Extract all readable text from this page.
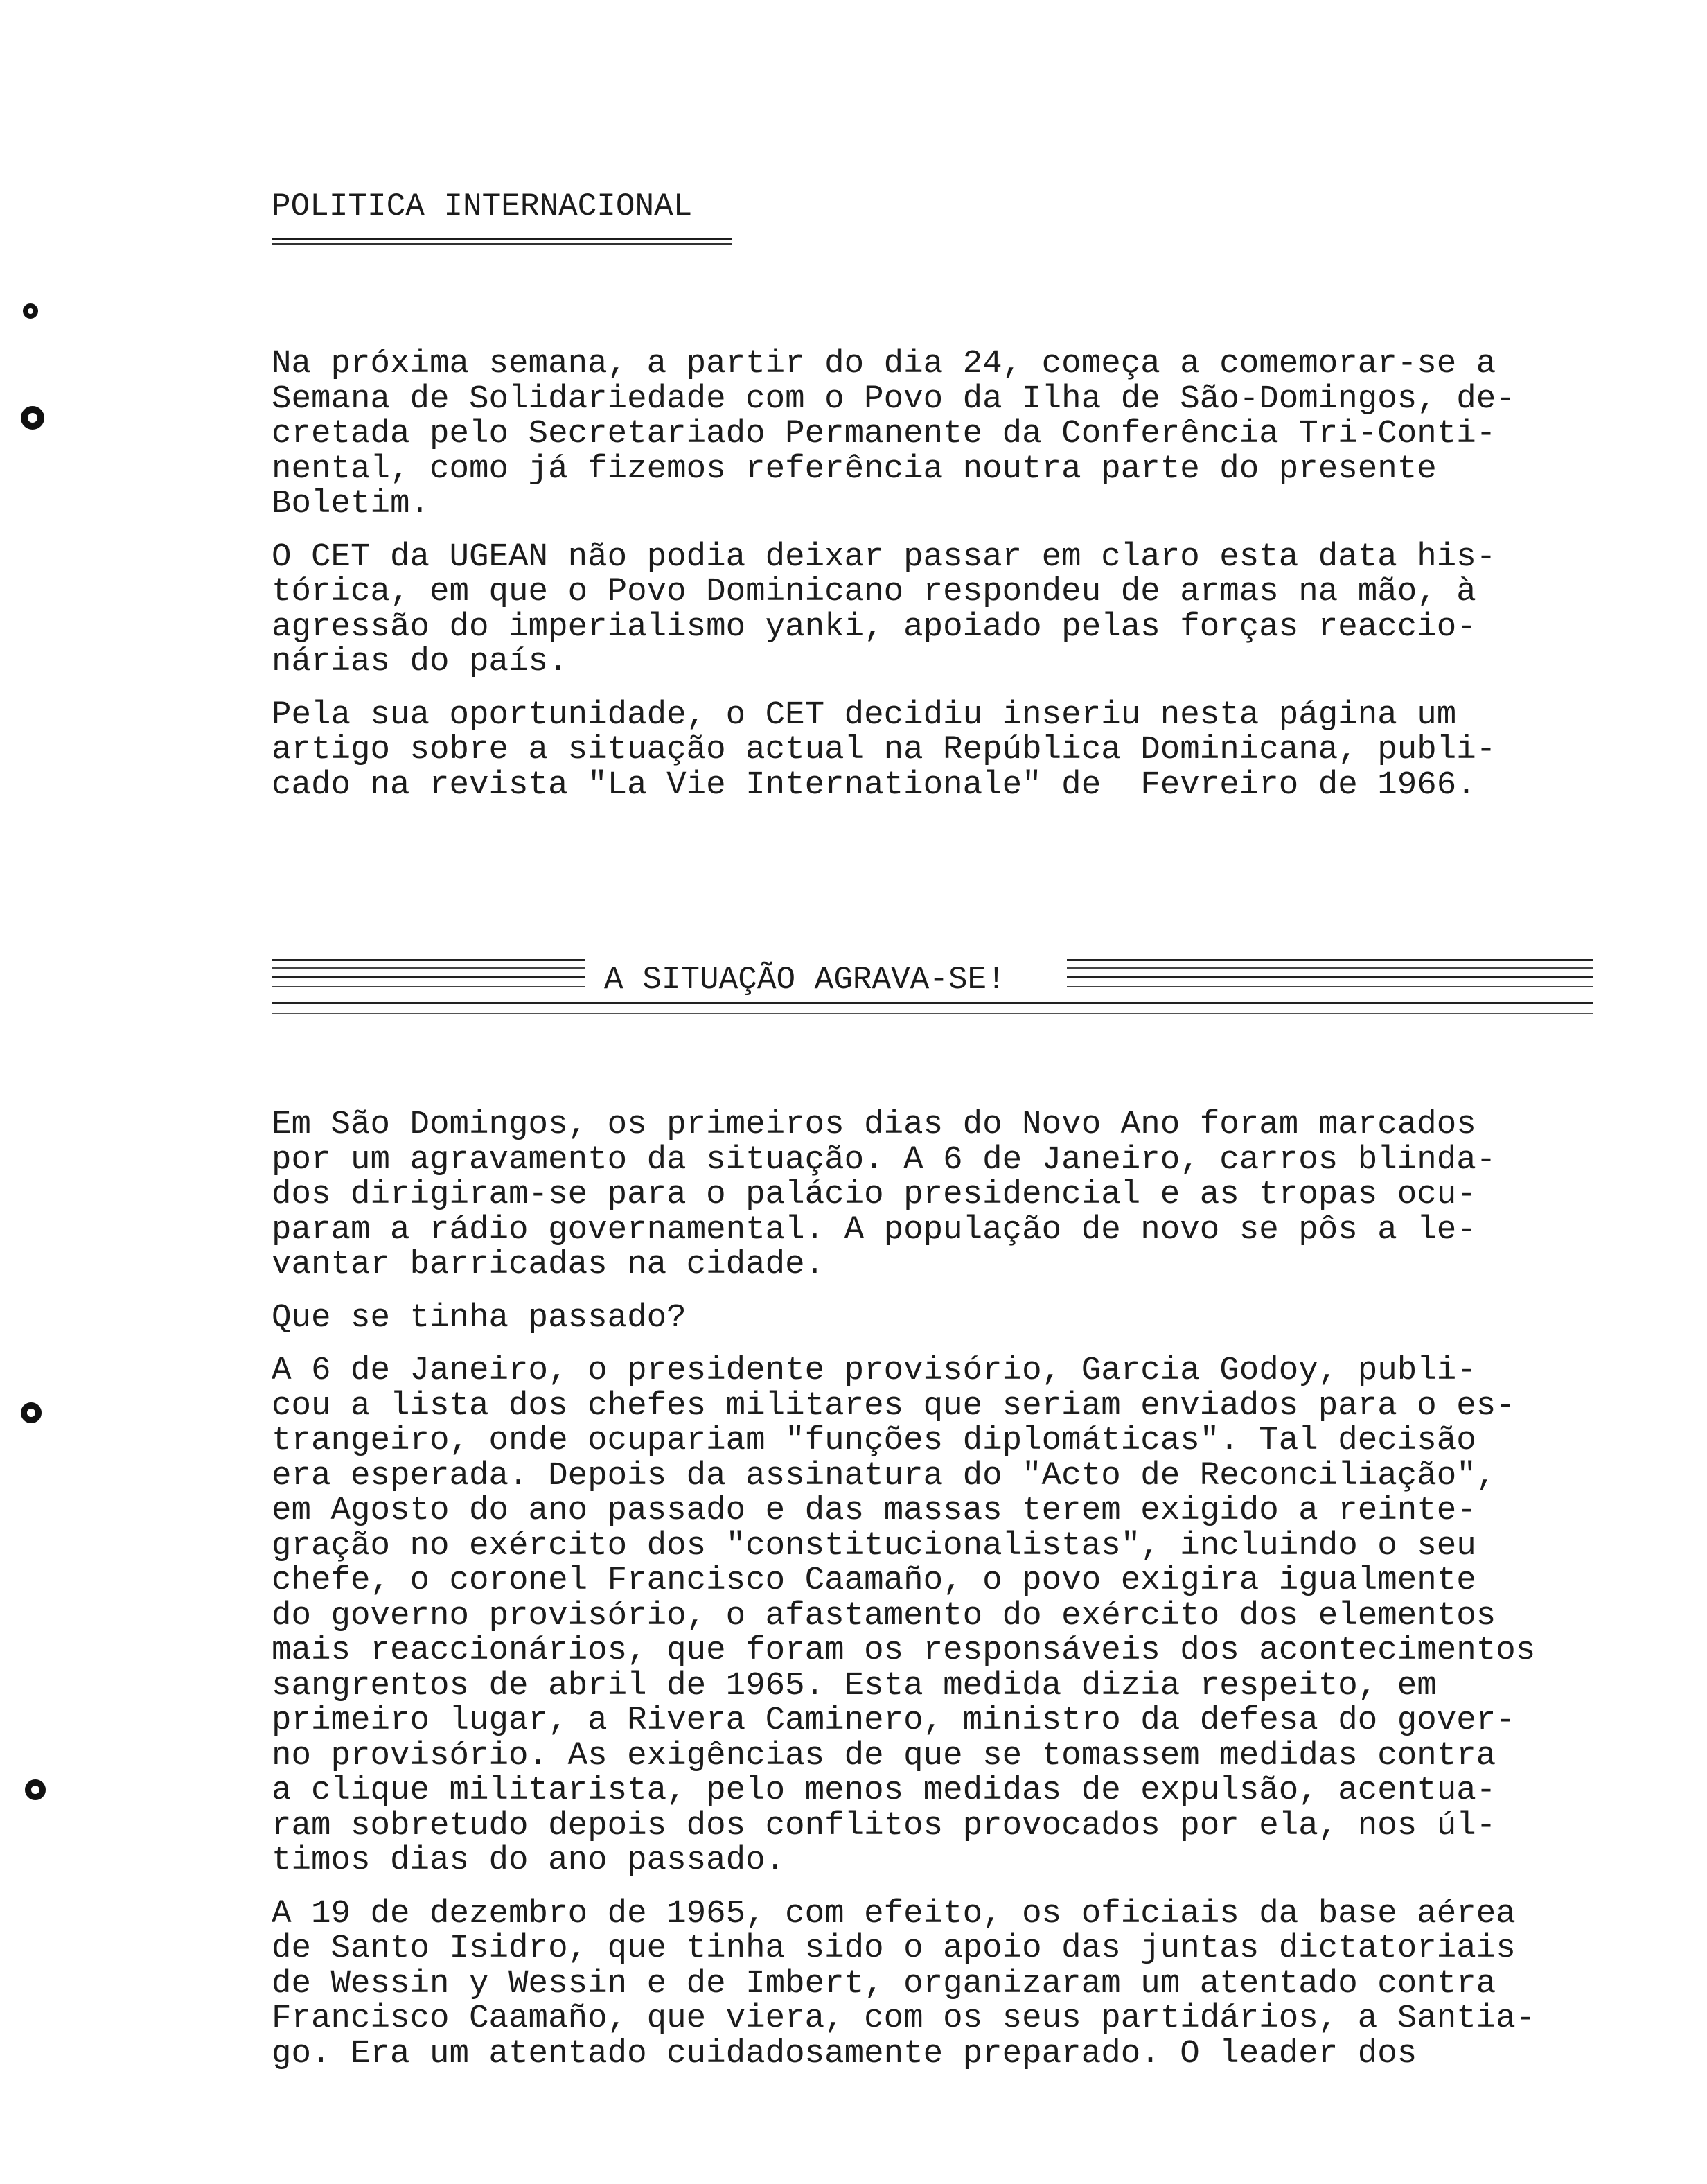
POLITICA INTERNACIONAL
Na próxima semana, a partir do dia 24, começa a comemorar-se a
Semana de Solidariedade com o Povo da Ilha de São-Domingos, de-
cretada pelo Secretariado Permanente da Conferência Tri-Conti-
nental, como já fizemos referência noutra parte do presente
Boletim.
O CET da UGEAN não podia deixar passar em claro esta data his-
tórica, em que o Povo Dominicano respondeu de armas na mão, à
agressão do imperialismo yanki, apoiado pelas forças reaccio-
nárias do país.
Pela sua oportunidade, o CET decidiu inseriu nesta página um
artigo sobre a situação actual na República Dominicana, publi-
cado na revista "La Vie Internationale" de  Fevreiro de 1966.
A SITUAÇÃO AGRAVA-SE!
Em São Domingos, os primeiros dias do Novo Ano foram marcados
por um agravamento da situação. A 6 de Janeiro, carros blinda-
dos dirigiram-se para o palácio presidencial e as tropas ocu-
param a rádio governamental. A população de novo se pôs a le-
vantar barricadas na cidade.
Que se tinha passado?
A 6 de Janeiro, o presidente provisório, Garcia Godoy, publi-
cou a lista dos chefes militares que seriam enviados para o es-
trangeiro, onde ocupariam "funções diplomáticas". Tal decisão
era esperada. Depois da assinatura do "Acto de Reconciliação",
em Agosto do ano passado e das massas terem exigido a reinte-
gração no exército dos "constitucionalistas", incluindo o seu
chefe, o coronel Francisco Caamaño, o povo exigira igualmente
do governo provisório, o afastamento do exército dos elementos
mais reaccionários, que foram os responsáveis dos acontecimentos
sangrentos de abril de 1965. Esta medida dizia respeito, em
primeiro lugar, a Rivera Caminero, ministro da defesa do gover-
no provisório. As exigências de que se tomassem medidas contra
a clique militarista, pelo menos medidas de expulsão, acentua-
ram sobretudo depois dos conflitos provocados por ela, nos úl-
timos dias do ano passado.
A 19 de dezembro de 1965, com efeito, os oficiais da base aérea
de Santo Isidro, que tinha sido o apoio das juntas dictatoriais
de Wessin y Wessin e de Imbert, organizaram um atentado contra
Francisco Caamaño, que viera, com os seus partidários, a Santia-
go. Era um atentado cuidadosamente preparado. O leader dos
